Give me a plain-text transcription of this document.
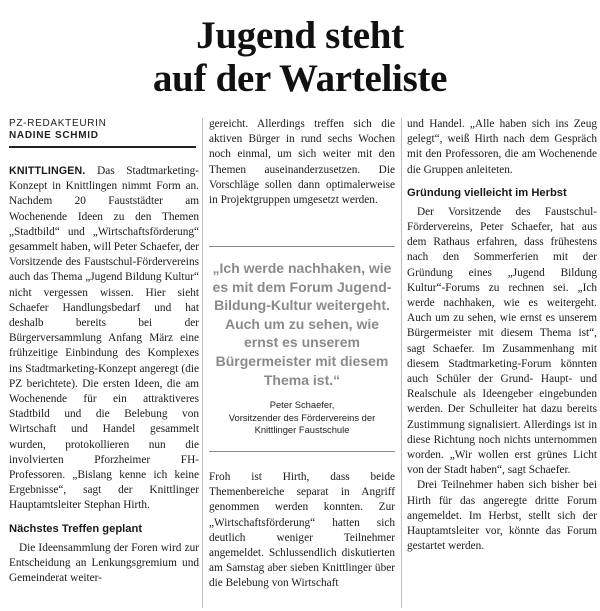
Jugend steht
auf der Warteliste
PZ-REDAKTEURIN
NADINE SCHMID

KNITTLINGEN. Das Stadtmarketing-Konzept in Knittlingen nimmt Form an. Nachdem 20 Fauststädter am Wochenende Ideen zu den Themen „Stadtbild“ und „Wirtschaftsförderung“ gesammelt haben, will Peter Schaefer, der Vorsitzende des Faustschul-Fördervereins auch das Thema „Jugend Bildung Kultur“ nicht vergessen wissen. Hier sieht Schaefer Handlungsbedarf und hat deshalb bereits bei der Bürgerversammlung Anfang März eine frühzeitige Einbindung des Komplexes ins Stadtmarketing-Konzept angeregt (die PZ berichtete). Die ersten Ideen, die am Wochenende für ein attraktiveres Stadtbild und die Belebung von Wirtschaft und Handel gesammelt wurden, protokollieren nun die involvierten Pforzheimer FH-Professoren. „Bislang kenne ich keine Ergebnisse“, sagt der Knittlinger Hauptamtsleiter Stephan Hirth.

Nächstes Treffen geplant

Die Ideensammlung der Foren wird zur Entscheidung an Lenkungsgremium und Gemeinderat weiter-

gereicht. Allerdings treffen sich die aktiven Bürger in rund sechs Wochen noch einmal, um sich weiter mit den Themen auseinanderzusetzen. Die Vorschläge sollen dann optimalerweise in Projektgruppen umgesetzt werden.

„Ich werde nachhaken, wie es mit dem Forum Jugend-Bildung-Kultur weitergeht. Auch um zu sehen, wie ernst es unserem Bürgermeister mit diesem Thema ist.“
Peter Schaefer,
Vorsitzender des Fördervereins der Knittlinger Faustschule

Froh ist Hirth, dass beide Themenbereiche separat in Angriff genommen werden konnten. Zur „Wirtschaftsförderung“ hatten sich deutlich weniger Teilnehmer angemeldet. Schlussendlich diskutierten am Samstag aber sieben Knittlinger über die Belebung von Wirtschaft

und Handel. „Alle haben sich ins Zeug gelegt“, weiß Hirth nach dem Gespräch mit den Professoren, die am Wochenende die Gruppen anleiteten.

Gründung vielleicht im Herbst

Der Vorsitzende des Faustschul-Fördervereins, Peter Schaefer, hat aus dem Rathaus erfahren, dass frühestens nach den Sommerferien mit der Gründung eines „Jugend Bildung Kultur“-Forums zu rechnen sei. „Ich werde nachhaken, wie es weitergeht. Auch um zu sehen, wie ernst es unserem Bürgermeister mit diesem Thema ist“, sagt Schaefer. Im Zusammenhang mit diesem Stadtmarketing-Forum könnten auch Schüler der Grund- Haupt- und Realschule als Ideengeber eingebunden werden. Der Schulleiter hat dazu bereits Zustimmung signalisiert. Allerdings ist in diese Richtung noch nichts unternommen worden. „Wir wollen erst grünes Licht von der Stadt haben“, sagt Schaefer.

Drei Teilnehmer haben sich bisher bei Hirth für das angeregte dritte Forum angemeldet. Im Herbst, stellt sich der Hauptamtsleiter vor, könnte das Forum gestartet werden.
